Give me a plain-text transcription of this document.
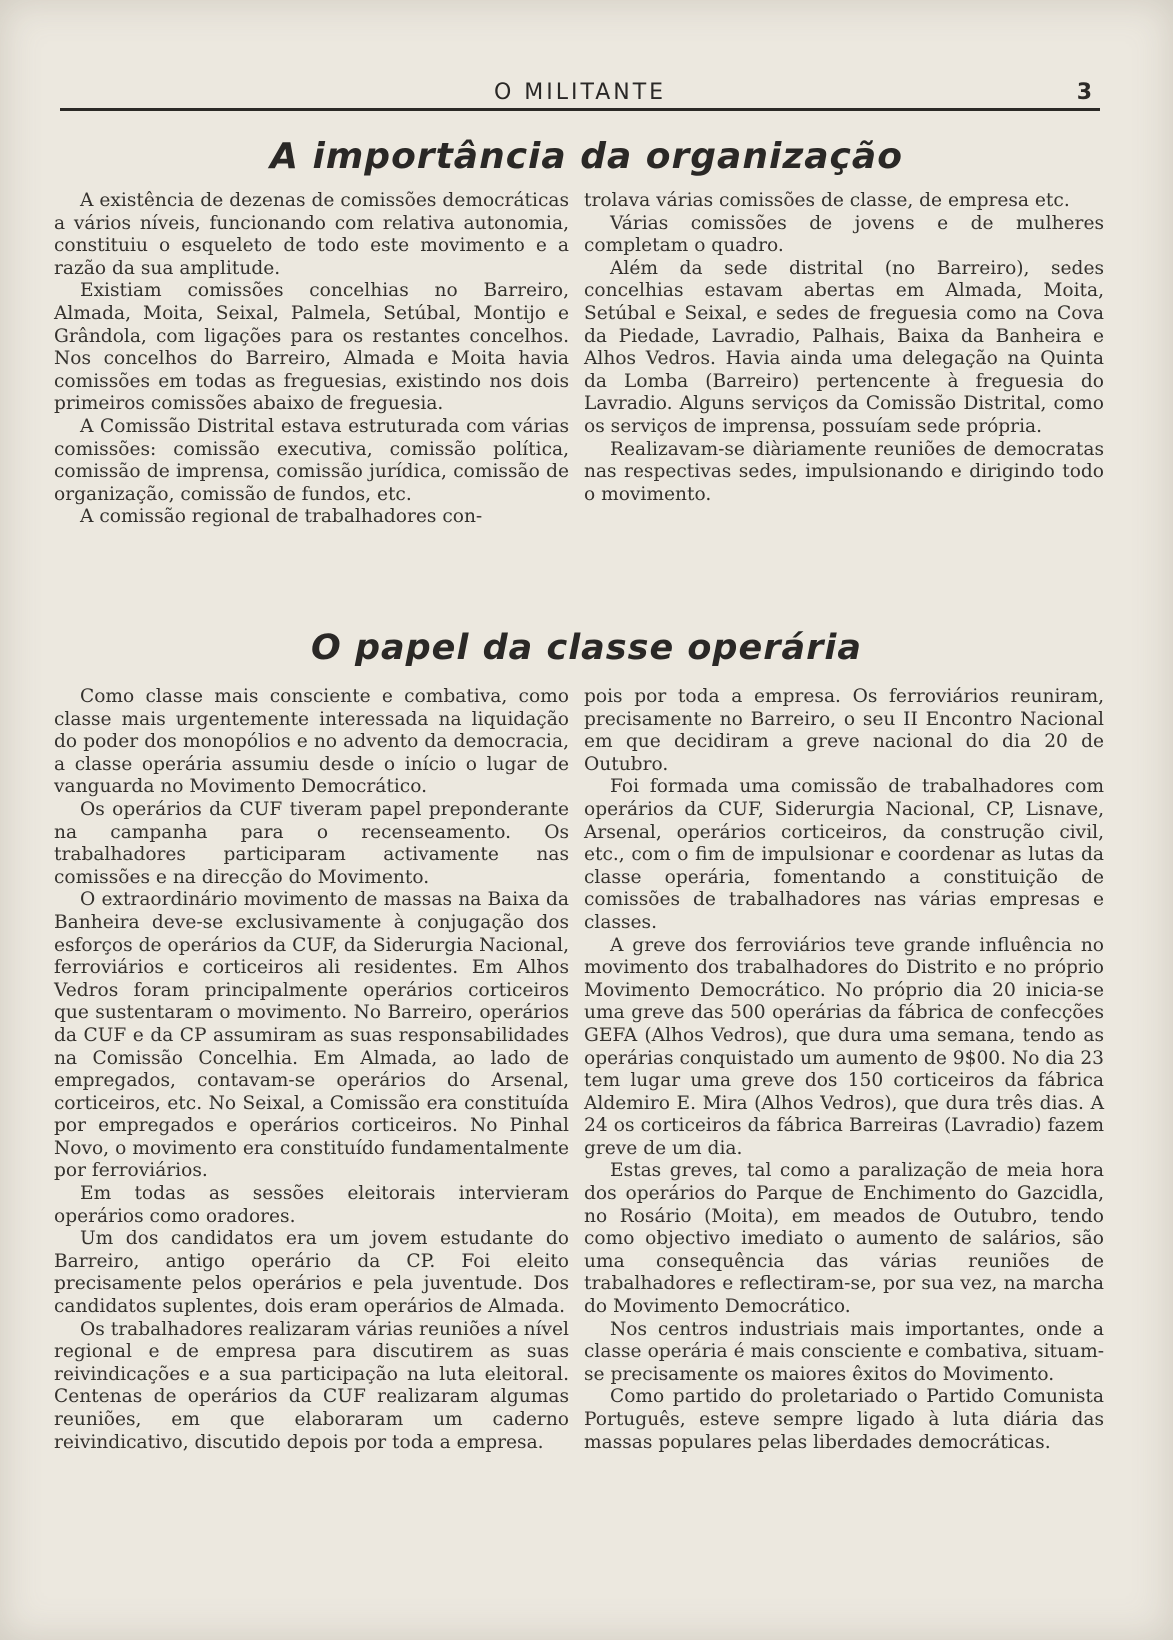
O MILITANTE	3
A importância da organização

A existência de dezenas de comissões democráticas a vários níveis, funcionando com relativa autonomia, constituiu o esqueleto de todo este movimento e a razão da sua amplitude.

Existiam comissões concelhias no Barreiro, Almada, Moita, Seixal, Palmela, Setúbal, Montijo e Grândola, com ligações para os restantes concelhos. Nos concelhos do Barreiro, Almada e Moita havia comissões em todas as freguesias, existindo nos dois primeiros comissões abaixo de freguesia.

A Comissão Distrital estava estruturada com várias comissões: comissão executiva, comissão política, comissão de imprensa, comissão jurídica, comissão de organização, comissão de fundos, etc.

A comissão regional de trabalhadores con-

trolava várias comissões de classe, de empresa etc.

Várias comissões de jovens e de mulheres completam o quadro.

Além da sede distrital (no Barreiro), sedes concelhias estavam abertas em Almada, Moita, Setúbal e Seixal, e sedes de freguesia como na Cova da Piedade, Lavradio, Palhais, Baixa da Banheira e Alhos Vedros. Havia ainda uma delegação na Quinta da Lomba (Barreiro) pertencente à freguesia do Lavradio. Alguns serviços da Comissão Distrital, como os serviços de imprensa, possuíam sede própria.

Realizavam-se diàriamente reuniões de democratas nas respectivas sedes, impulsionando e dirigindo todo o movimento.

O papel da classe operária

Como classe mais consciente e combativa, como classe mais urgentemente interessada na liquidação do poder dos monopólios e no advento da democracia, a classe operária assumiu desde o início o lugar de vanguarda no Movimento Democrático.

Os operários da CUF tiveram papel preponderante na campanha para o recenseamento. Os trabalhadores participaram activamente nas comissões e na direcção do Movimento.

O extraordinário movimento de massas na Baixa da Banheira deve-se exclusivamente à conjugação dos esforços de operários da CUF, da Siderurgia Nacional, ferroviários e corticeiros ali residentes. Em Alhos Vedros foram principalmente operários corticeiros que sustentaram o movimento. No Barreiro, operários da CUF e da CP assumiram as suas responsabilidades na Comissão Concelhia. Em Almada, ao lado de empregados, contavam-se operários do Arsenal, corticeiros, etc. No Seixal, a Comissão era constituída por empregados e operários corticeiros. No Pinhal Novo, o movimento era constituído fundamentalmente por ferroviários.

Em todas as sessões eleitorais intervieram operários como oradores.

Um dos candidatos era um jovem estudante do Barreiro, antigo operário da CP. Foi eleito precisamente pelos operários e pela juventude. Dos candidatos suplentes, dois eram operários de Almada.

Os trabalhadores realizaram várias reuniões a nível regional e de empresa para discutirem as suas reivindicações e a sua participação na luta eleitoral. Centenas de operários da CUF realizaram algumas reuniões, em que elaboraram um caderno reivindicativo, discutido depois por toda a empresa.

pois por toda a empresa. Os ferroviários reuniram, precisamente no Barreiro, o seu II Encontro Nacional em que decidiram a greve nacional do dia 20 de Outubro.

Foi formada uma comissão de trabalhadores com operários da CUF, Siderurgia Nacional, CP, Lisnave, Arsenal, operários corticeiros, da construção civil, etc., com o fim de impulsionar e coordenar as lutas da classe operária, fomentando a constituição de comissões de trabalhadores nas várias empresas e classes.

A greve dos ferroviários teve grande influência no movimento dos trabalhadores do Distrito e no próprio Movimento Democrático. No próprio dia 20 inicia-se uma greve das 500 operárias da fábrica de confecções GEFA (Alhos Vedros), que dura uma semana, tendo as operárias conquistado um aumento de 9$00. No dia 23 tem lugar uma greve dos 150 corticeiros da fábrica Aldemiro E. Mira (Alhos Vedros), que dura três dias. A 24 os corticeiros da fábrica Barreiras (Lavradio) fazem greve de um dia.

Estas greves, tal como a paralização de meia hora dos operários do Parque de Enchimento do Gazcidla, no Rosário (Moita), em meados de Outubro, tendo como objectivo imediato o aumento de salários, são uma consequência das várias reuniões de trabalhadores e reflectiram-se, por sua vez, na marcha do Movimento Democrático.

Nos centros industriais mais importantes, onde a classe operária é mais consciente e combativa, situam-se precisamente os maiores êxitos do Movimento.

Como partido do proletariado o Partido Comunista Português, esteve sempre ligado à luta diária das massas populares pelas liberdades democráticas.
